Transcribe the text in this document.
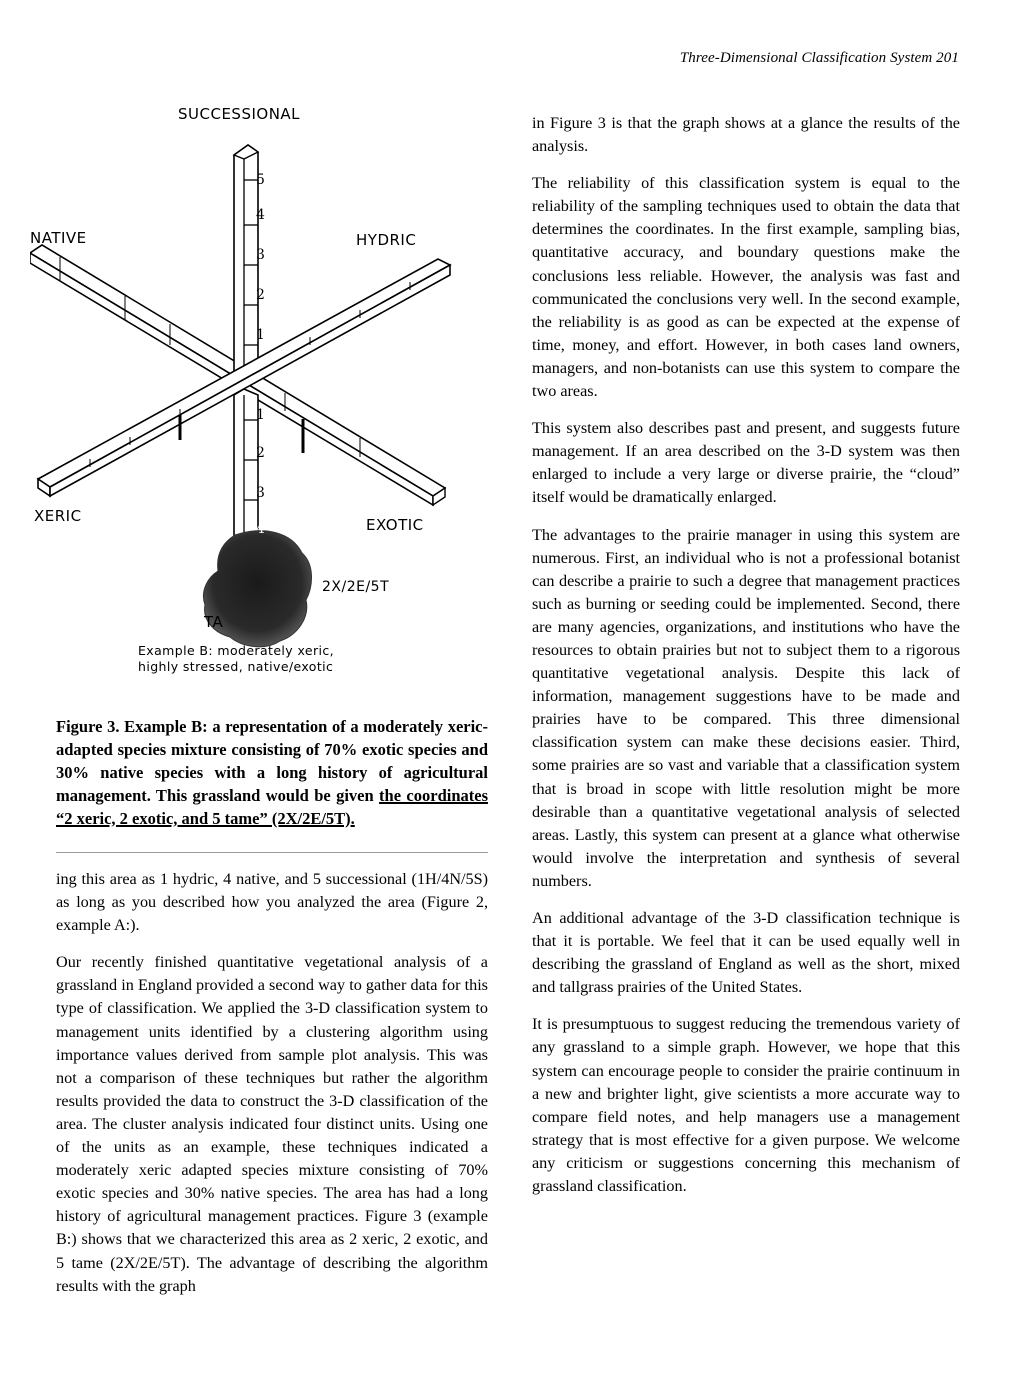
Three-Dimensional Classification System 201
SUCCESSIONAL
NATIVE	HYDRIC
XERIC	EXOTIC
TA
2X/2E/5T
5
4
3
2
1
1
2
3
4
Example B: moderately xeric,
highly stressed, native/exotic
Figure 3. Example B: a representation of a moderately xeric- adapted species mixture consisting of 70% exotic species and 30% native species with a long history of agricultural management. This grassland would be given the coordinates “2 xeric, 2 exotic, and 5 tame” (2X/2E/5T).

ing this area as 1 hydric, 4 native, and 5 successional (1H/4N/5S) as long as you described how you analyzed the area (Figure 2, example A:).

Our recently finished quantitative vegetational analysis of a grassland in England provided a second way to gather data for this type of classification. We applied the 3-D classification system to management units identified by a clustering algorithm using importance values derived from sample plot analysis. This was not a comparison of these techniques but rather the algorithm results provided the data to construct the 3-D classification of the area. The cluster analysis indicated four distinct units. Using one of the units as an example, these techniques indicated a moderately xeric adapted species mixture consisting of 70% exotic species and 30% native species. The area has had a long history of agricultural management practices. Figure 3 (example B:) shows that we characterized this area as 2 xeric, 2 exotic, and 5 tame (2X/2E/5T). The advantage of describing the algorithm results with the graph

in Figure 3 is that the graph shows at a glance the results of the analysis.

The reliability of this classification system is equal to the reliability of the sampling techniques used to obtain the data that determines the coordinates. In the first example, sampling bias, quantitative accuracy, and boundary questions make the conclusions less reliable. However, the analysis was fast and communicated the conclusions very well. In the second example, the reliability is as good as can be expected at the expense of time, money, and effort. However, in both cases land owners, managers, and non-botanists can use this system to compare the two areas.

This system also describes past and present, and suggests future management. If an area described on the 3-D system was then enlarged to include a very large or diverse prairie, the “cloud” itself would be dramatically enlarged.

The advantages to the prairie manager in using this system are numerous. First, an individual who is not a professional botanist can describe a prairie to such a degree that management practices such as burning or seeding could be implemented. Second, there are many agencies, organizations, and institutions who have the resources to obtain prairies but not to subject them to a rigorous quantitative vegetational analysis. Despite this lack of information, management suggestions have to be made and prairies have to be compared. This three dimensional classification system can make these decisions easier. Third, some prairies are so vast and variable that a classification system that is broad in scope with little resolution might be more desirable than a quantitative vegetational analysis of selected areas. Lastly, this system can present at a glance what otherwise would involve the interpretation and synthesis of several numbers.

An additional advantage of the 3-D classification technique is that it is portable. We feel that it can be used equally well in describing the grassland of England as well as the short, mixed and tallgrass prairies of the United States.

It is presumptuous to suggest reducing the tremendous variety of any grassland to a simple graph. However, we hope that this system can encourage people to consider the prairie continuum in a new and brighter light, give scientists a more accurate way to compare field notes, and help managers use a management strategy that is most effective for a given purpose. We welcome any criticism or suggestions concerning this mechanism of grassland classification.
